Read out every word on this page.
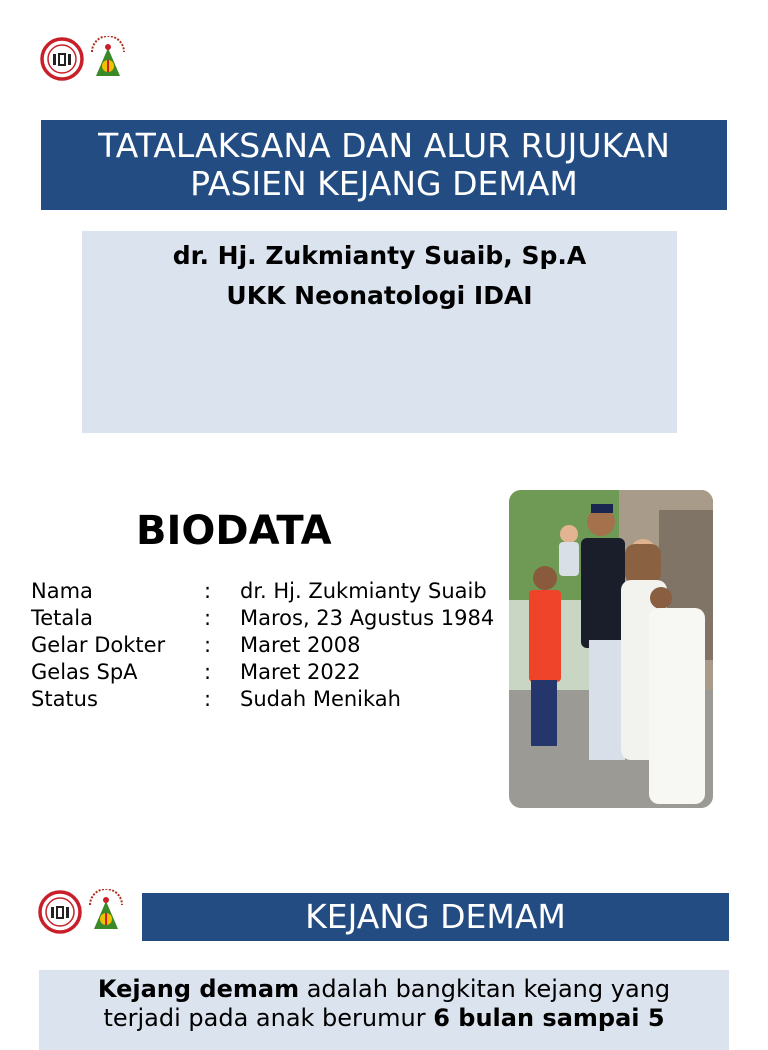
TATALAKSANA DAN ALUR RUJUKAN
PASIEN KEJANG DEMAM
dr. Hj. Zukmianty Suaib, Sp.A
UKK Neonatologi IDAI
BIODATA
Nama	: dr. Hj. Zukmianty Suaib
Tetala	: Maros, 23 Agustus 1984
Gelar Dokter : Maret 2008
Gelas SpA	: Maret 2022
Status	: Sudah Menikah
KEJANG DEMAM
Kejang demam adalah bangkitan kejang yang
terjadi pada anak berumur 6 bulan sampai 5
